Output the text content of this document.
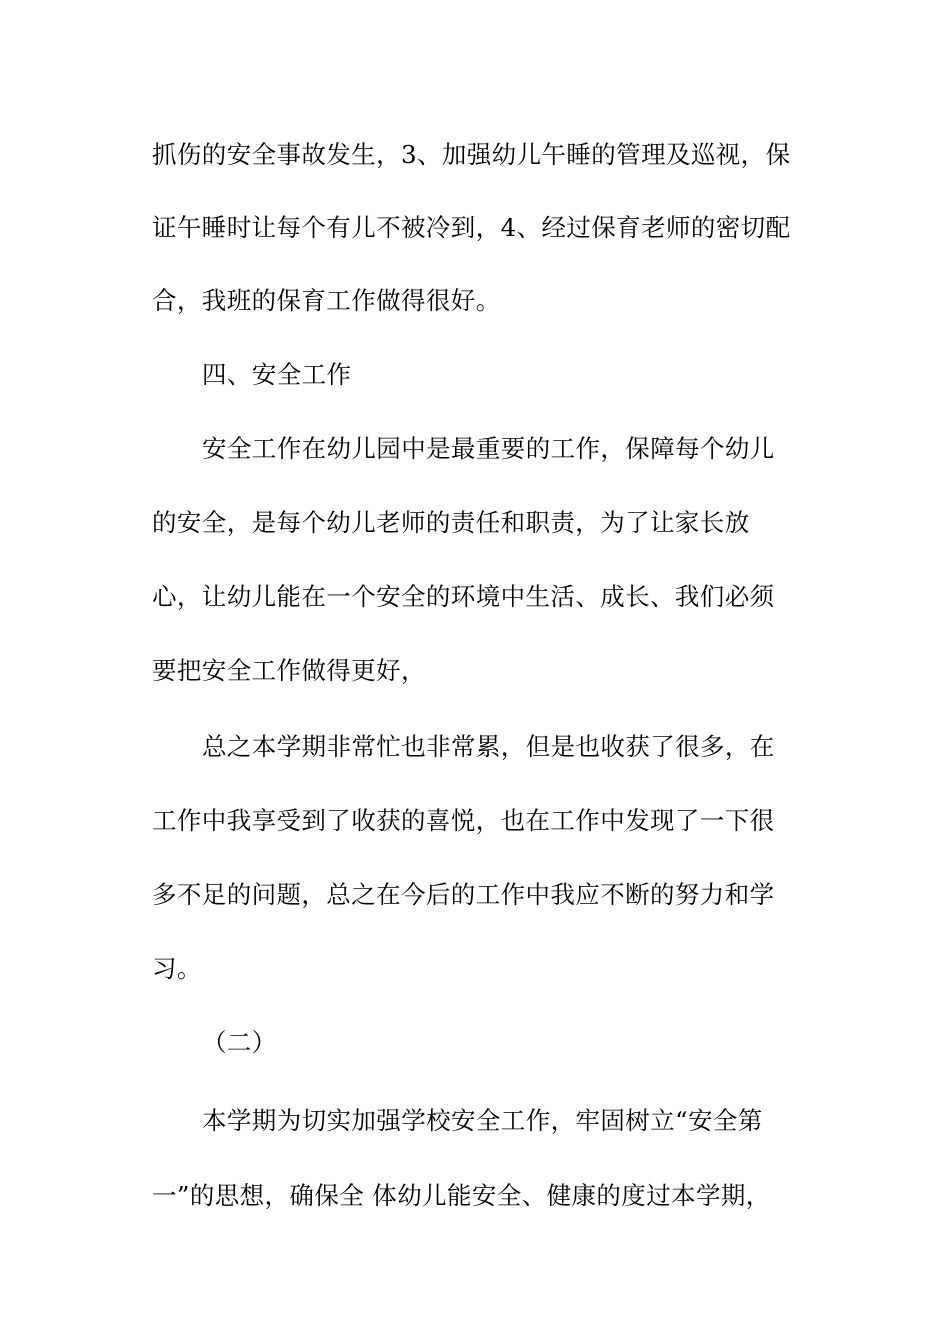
抓伤的安全事故发生，3、加强幼儿午睡的管理及巡视，保
证午睡时让每个有儿不被冷到，4、经过保育老师的密切配
合，我班的保育工作做得很好。
四、安全工作
安全工作在幼儿园中是最重要的工作，保障每个幼儿
的安全，是每个幼儿老师的责任和职责，为了让家长放
心，让幼儿能在一个安全的环境中生活、成长、我们必须
要把安全工作做得更好，
总之本学期非常忙也非常累，但是也收获了很多，在
工作中我享受到了收获的喜悦，也在工作中发现了一下很
多不足的问题，总之在今后的工作中我应不断的努力和学
习。
（二）
本学期为切实加强学校安全工作，牢固树立“安全第
一”的思想，确保全 体幼儿能安全、健康的度过本学期，
